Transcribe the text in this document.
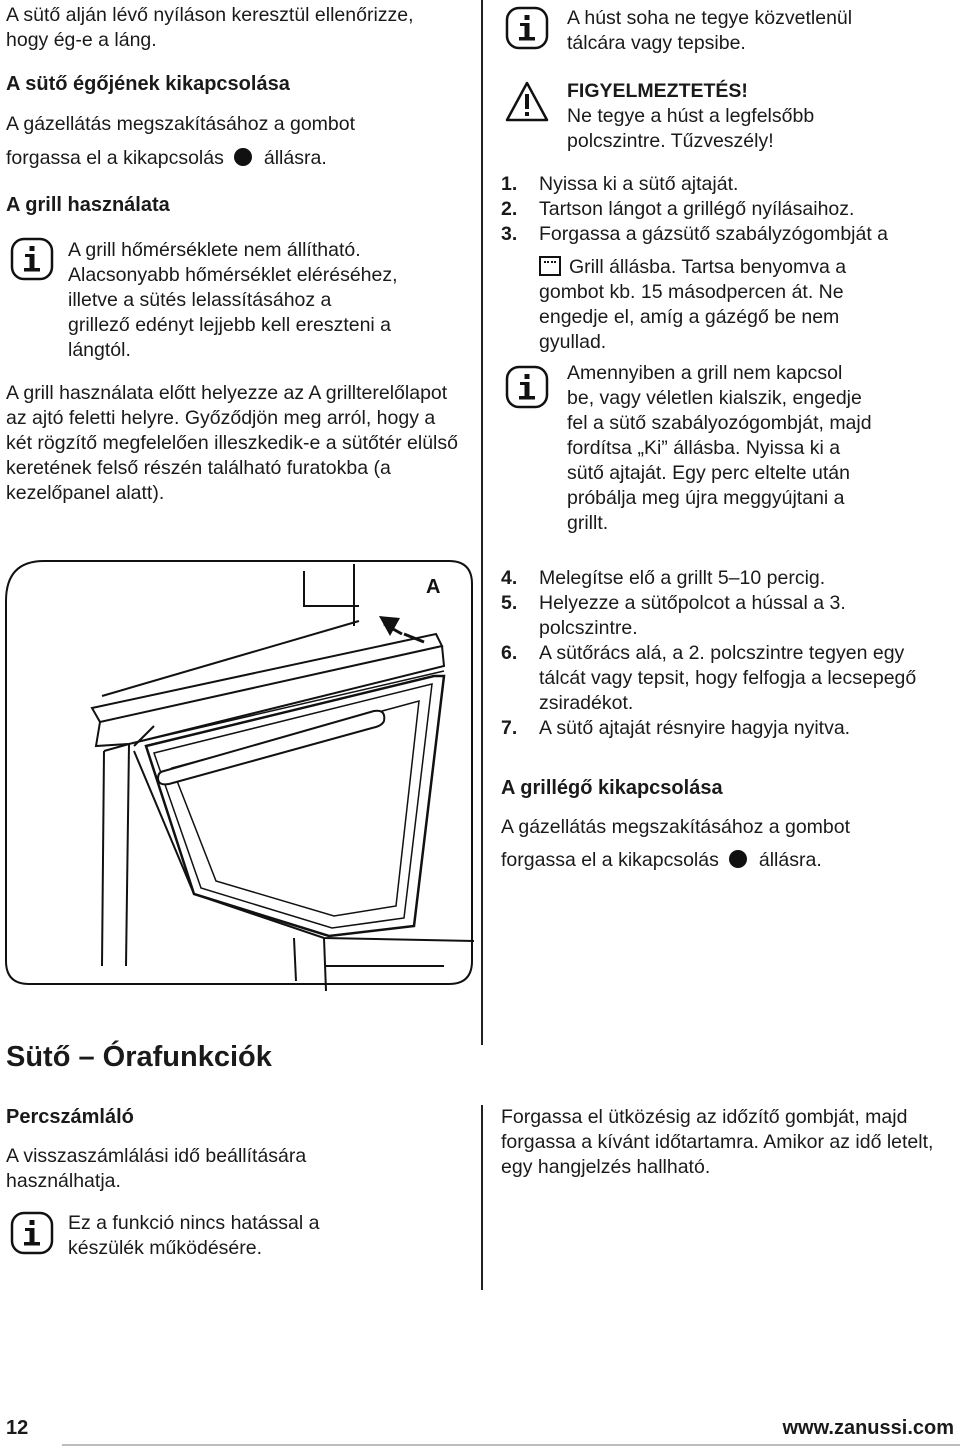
A sütő alján lévő nyíláson keresztül ellenőrizze, hogy ég-e a láng.

A sütő égőjének kikapcsolása

A gázellátás megszakításához a gombot

forgassa el a kikapcsolás állásra.

A grill használata

A grill hőmérséklete nem állítható. Alacsonyabb hőmérséklet eléréséhez, illetve a sütés lelassításához a grillező edényt lejjebb kell ereszteni a lángtól.

A grill használata előtt helyezze az A grillterelőlapot az ajtó feletti helyre. Győződjön meg arról, hogy a két rögzítő megfelelően illeszkedik-e a sütőtér elülső keretének felső részén található furatokba (a kezelőpanel alatt).

A

A húst soha ne tegye közvetlenül tálcára vagy tepsibe.

FIGYELMEZTETÉS!

Ne tegye a húst a legfelsőbb polcszintre. Tűzveszély!

1. Nyissa ki a sütő ajtaját.
2. Tartson lángot a grillégő nyílásaihoz.
3. Forgassa a gázsütő szabályzógombját a

Grill állásba. Tartsa benyomva a

gombot kb. 15 másodpercen át. Ne engedje el, amíg a gázégő be nem gyullad.

Amennyiben a grill nem kapcsol be, vagy véletlen kialszik, engedje fel a sütő szabályozógombját, majd fordítsa „Ki” állásba. Nyissa ki a sütő ajtaját. Egy perc eltelte után próbálja meg újra meggyújtani a grillt.

4. Melegítse elő a grillt 5–10 percig.
5. Helyezze a sütőpolcot a hússal a 3. polcszintre.
6. A sütőrács alá, a 2. polcszintre tegyen egy tálcát vagy tepsit, hogy felfogja a lecsepegő zsiradékot.
7. A sütő ajtaját résnyire hagyja nyitva.
A grillégő kikapcsolása

A gázellátás megszakításához a gombot

forgassa el a kikapcsolás állásra.

Sütő – Órafunkciók
Percszámláló

A visszaszámlálási idő beállítására használhatja.

Ez a funkció nincs hatással a készülék működésére.

Forgassa el ütközésig az időzítő gombját, majd forgassa a kívánt időtartamra. Amikor az idő letelt, egy hangjelzés hallható.

12	www.zanussi.com
